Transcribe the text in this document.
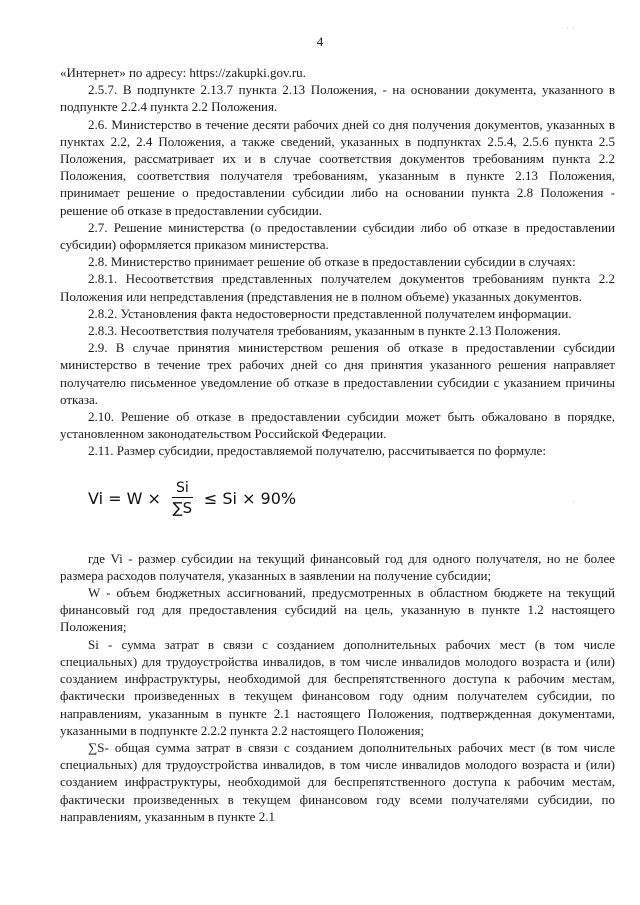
4

«Интернет» по адресу: https://zakupki.gov.ru.

2.5.7. В подпункте 2.13.7 пункта 2.13 Положения, - на основании документа, указанного в подпункте 2.2.4 пункта 2.2 Положения.

2.6. Министерство в течение десяти рабочих дней со дня получения документов, указанных в пунктах 2.2, 2.4 Положения, а также сведений, указанных в подпунктах 2.5.4, 2.5.6 пункта 2.5 Положения, рассматривает их и в случае соответствия документов требованиям пункта 2.2 Положения, соответствия получателя требованиям, указанным в пункте 2.13 Положения, принимает решение о предоставлении субсидии либо на основании пункта 2.8 Положения - решение об отказе в предоставлении субсидии.

2.7. Решение министерства (о предоставлении субсидии либо об отказе в предоставлении субсидии) оформляется приказом министерства.

2.8. Министерство принимает решение об отказе в предоставлении субсидии в случаях:

2.8.1. Несоответствия представленных получателем документов требованиям пункта 2.2 Положения или непредставления (представления не в полном объеме) указанных документов.

2.8.2. Установления факта недостоверности представленной получателем информации.

2.8.3. Несоответствия получателя требованиям, указанным в пункте 2.13 Положения.

2.9. В случае принятия министерством решения об отказе в предоставлении субсидии министерство в течение трех рабочих дней со дня принятия указанного решения направляет получателю письменное уведомление об отказе в предоставлении субсидии с указанием причины отказа.

2.10. Решение об отказе в предоставлении субсидии может быть обжаловано в порядке, установленном законодательством Российской Федерации.

2.11. Размер субсидии, предоставляемой получателю, рассчитывается по формуле:

$Vi = W \times \frac{Si}{\sum S} \le Si \times 90\%$

где Vi - размер субсидии на текущий финансовый год для одного получателя, но не более размера расходов получателя, указанных в заявлении на получение субсидии;

W - объем бюджетных ассигнований, предусмотренных в областном бюджете на текущий финансовый год для предоставления субсидий на цель, указанную в пункте 1.2 настоящего Положения;

Si - сумма затрат в связи с созданием дополнительных рабочих мест (в том числе специальных) для трудоустройства инвалидов, в том числе инвалидов молодого возраста и (или) созданием инфраструктуры, необходимой для беспрепятственного доступа к рабочим местам, фактически произведенных в текущем финансовом году одним получателем субсидии, по направлениям, указанным в пункте 2.1 настоящего Положения, подтвержденная документами, указанными в подпункте 2.2.2 пункта 2.2 настоящего Положения;

∑S- общая сумма затрат в связи с созданием дополнительных рабочих мест (в том числе специальных) для трудоустройства инвалидов, в том числе инвалидов молодого возраста и (или) созданием инфраструктуры, необходимой для беспрепятственного доступа к рабочим местам, фактически произведенных в текущем финансовом году всеми получателями субсидии, по направлениям, указанным в пункте 2.1

· ·
·
